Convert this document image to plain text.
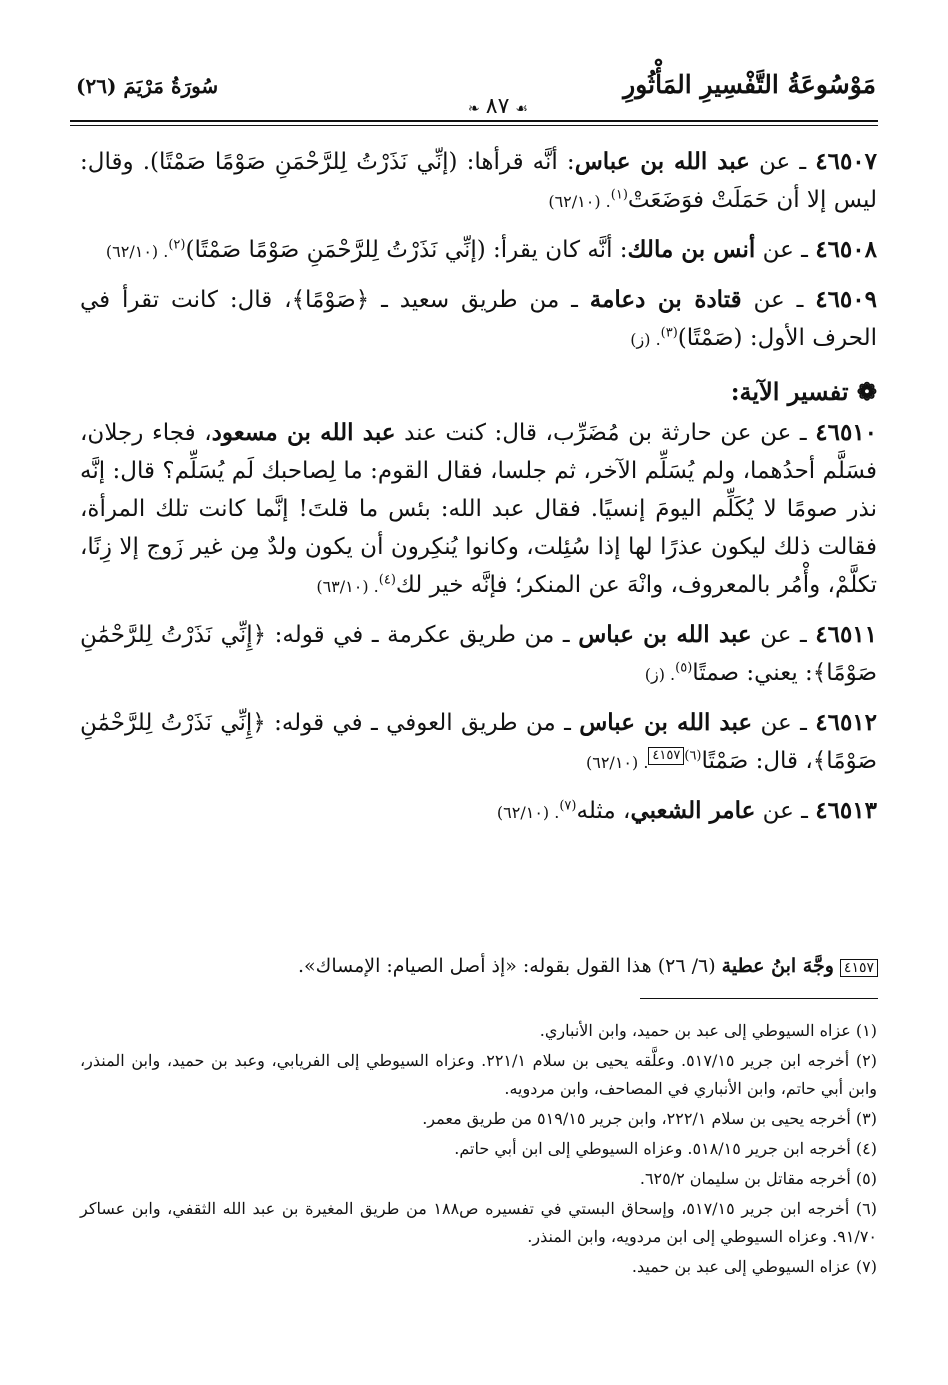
مَوْسُوعَةُ التَّفْسِيرِ المَأْثُورِ
❧ ٨٧ ☙
سُورَةُ مَرْيَمَ (٢٦)

٤٦٥٠٧ ـ عن عبد الله بن عباس: أنَّه قرأها: (إنِّي نَذَرْتُ لِلرَّحْمَنِ صَوْمًا صَمْتًا). وقال: ليس إلا أن حَمَلَتْ فوَضَعَتْ$^{(١)}$. (٦٢/١٠)

٤٦٥٠٨ ـ عن أنس بن مالك: أنَّه كان يقرأ: (إنِّي نَذَرْتُ لِلرَّحْمَنِ صَوْمًا صَمْتًا)$^{(٢)}$. (٦٢/١٠)

٤٦٥٠٩ ـ عن قتادة بن دعامة ـ من طريق سعيد ـ ﴿صَوْمًا﴾، قال: كانت تقرأ في الحرف الأول: (صَمْتًا)$^{(٣)}$. (ز)

❁ تفسير الآية:

٤٦٥١٠ ـ عن عن حارثة بن مُضَرِّب، قال: كنت عند عبد الله بن مسعود، فجاء رجلان، فسَلَّم أحدُهما، ولم يُسَلِّم الآخر، ثم جلسا، فقال القوم: ما لِصاحبك لَم يُسَلِّم؟ قال: إنَّه نذر صومًا لا يُكَلِّم اليومَ إنسيًا. فقال عبد الله: بئس ما قلتَ! إنَّما كانت تلك المرأة، فقالت ذلك ليكون عذرًا لها إذا سُئِلت، وكانوا يُنكِرون أن يكون ولدٌ مِن غير زَوج إلا زِنًا، تكلَّمْ، وأْمُر بالمعروف، وانْهَ عن المنكر؛ فإنَّه خير لك$^{(٤)}$. (٦٣/١٠)

٤٦٥١١ ـ عن عبد الله بن عباس ـ من طريق عكرمة ـ في قوله: ﴿إِنِّي نَذَرْتُ لِلرَّحْمَٰنِ صَوْمًا﴾: يعني: صمتًا$^{(٥)}$. (ز)

٤٦٥١٢ ـ عن عبد الله بن عباس ـ من طريق العوفي ـ في قوله: ﴿إِنِّي نَذَرْتُ لِلرَّحْمَٰنِ صَوْمًا﴾، قال: صَمْتًا$^{(٦)}$٤١٥٧. (٦٢/١٠)

٤٦٥١٣ ـ عن عامر الشعبي، مثله$^{(٧)}$. (٦٢/١٠)

٤١٥٧ وجَّهَ ابنُ عطية (٦/ ٢٦) هذا القول بقوله: «إذ أصل الصيام: الإمساك».

(١) عزاه السيوطي إلى عبد بن حميد، وابن الأنباري.

(٢) أخرجه ابن جرير ٥١٧/١٥. وعلَّقه يحيى بن سلام ٢٢١/١. وعزاه السيوطي إلى الفريابي، وعبد بن حميد، وابن المنذر، وابن أبي حاتم، وابن الأنباري في المصاحف، وابن مردويه.

(٣) أخرجه يحيى بن سلام ٢٢٢/١، وابن جرير ٥١٩/١٥ من طريق معمر.

(٤) أخرجه ابن جرير ٥١٨/١٥. وعزاه السيوطي إلى ابن أبي حاتم.

(٥) أخرجه مقاتل بن سليمان ٦٢٥/٢.

(٦) أخرجه ابن جرير ٥١٧/١٥، وإسحاق البستي في تفسيره ص١٨٨ من طريق المغيرة بن عبد الله الثقفي، وابن عساكر ٩١/٧٠. وعزاه السيوطي إلى ابن مردويه، وابن المنذر.

(٧) عزاه السيوطي إلى عبد بن حميد.
